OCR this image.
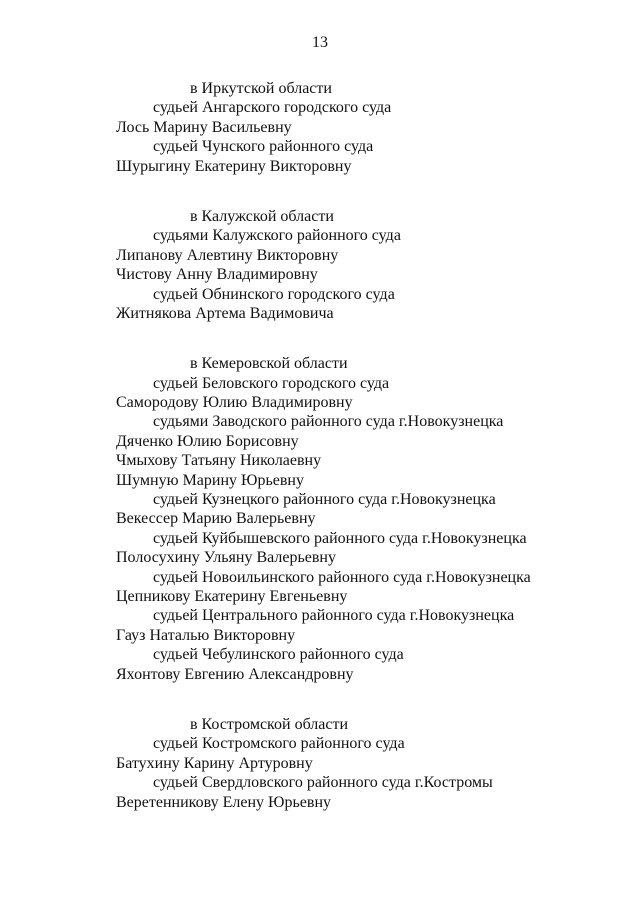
13
в Иркутской области
судьей Ангарского городского суда
Лось Марину Васильевну
судьей Чунского районного суда
Шурыгину Екатерину Викторовну
в Калужской области
судьями Калужского районного суда
Липанову Алевтину Викторовну
Чистову Анну Владимировну
судьей Обнинского городского суда
Житнякова Артема Вадимовича
в Кемеровской области
судьей Беловского городского суда
Самородову Юлию Владимировну
судьями Заводского районного суда г.Новокузнецка
Дяченко Юлию Борисовну
Чмыхову Татьяну Николаевну
Шумную Марину Юрьевну
судьей Кузнецкого районного суда г.Новокузнецка
Векессер Марию Валерьевну
судьей Куйбышевского районного суда г.Новокузнецка
Полосухину Ульяну Валерьевну
судьей Новоильинского районного суда г.Новокузнецка
Цепникову Екатерину Евгеньевну
судьей Центрального районного суда г.Новокузнецка
Гауз Наталью Викторовну
судьей Чебулинского районного суда
Яхонтову Евгению Александровну
в Костромской области
судьей Костромского районного суда
Батухину Карину Артуровну
судьей Свердловского районного суда г.Костромы
Веретенникову Елену Юрьевну
